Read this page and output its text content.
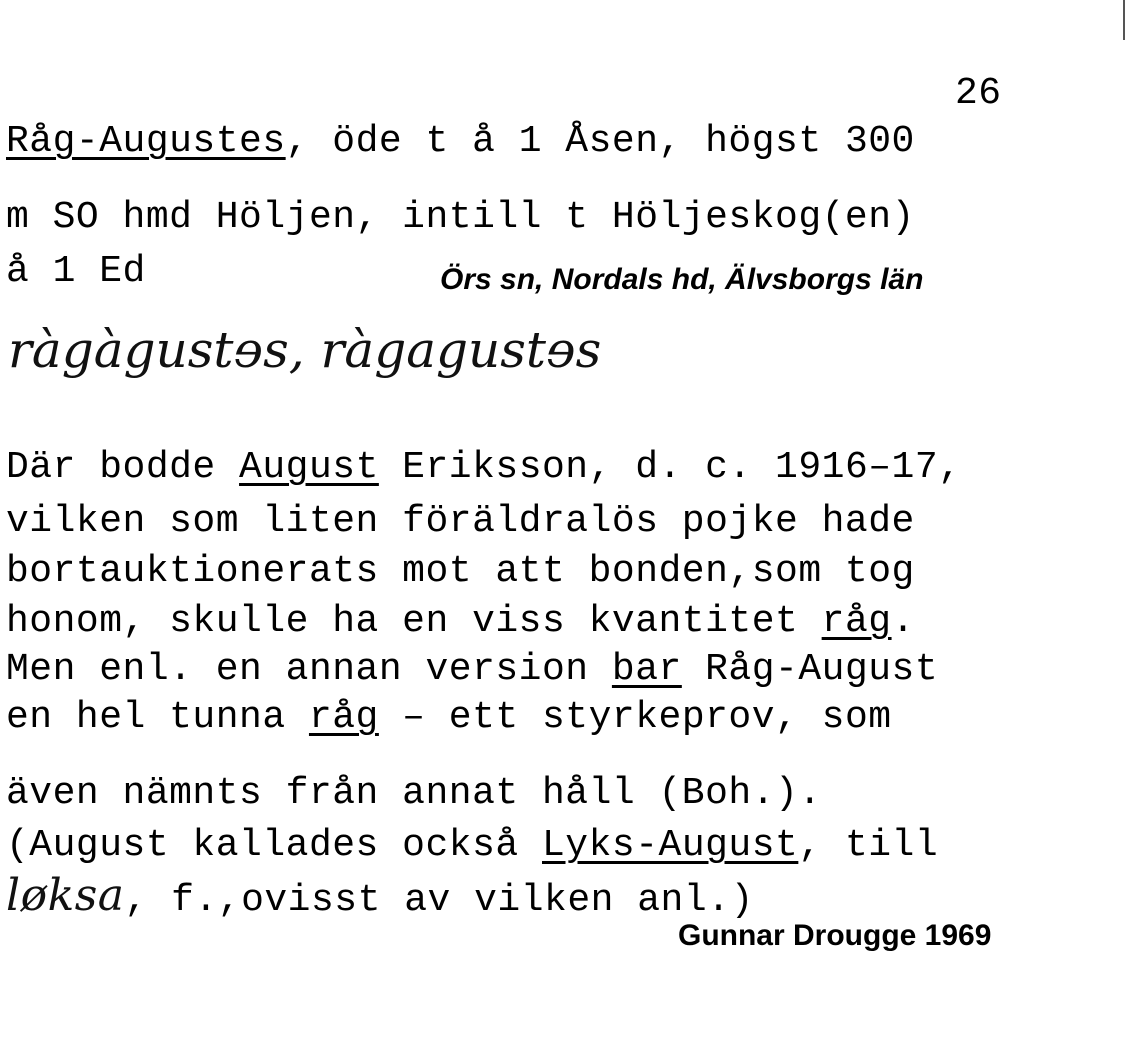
26
Råg-Augustes, öde t å 1 Åsen, högst 300
m SO hmd Höljen, intill t Höljeskog(en)
å 1 Ed	Örs sn, Nordals hd, Älvsborgs län
ràgàgustɘs, ràgagustɘs
Där bodde August Eriksson, d. c. 1916–17,
vilken som liten föräldralös pojke hade
bortauktionerats mot att bonden,som tog
honom, skulle ha en viss kvantitet råg.
Men enl. en annan version bar Råg-August
en hel tunna råg – ett styrkeprov, som
även nämnts från annat håll (Boh.).
(August kallades också Lyks-August, till
løksa, f.,ovisst av vilken anl.)
Gunnar Drougge 1969
